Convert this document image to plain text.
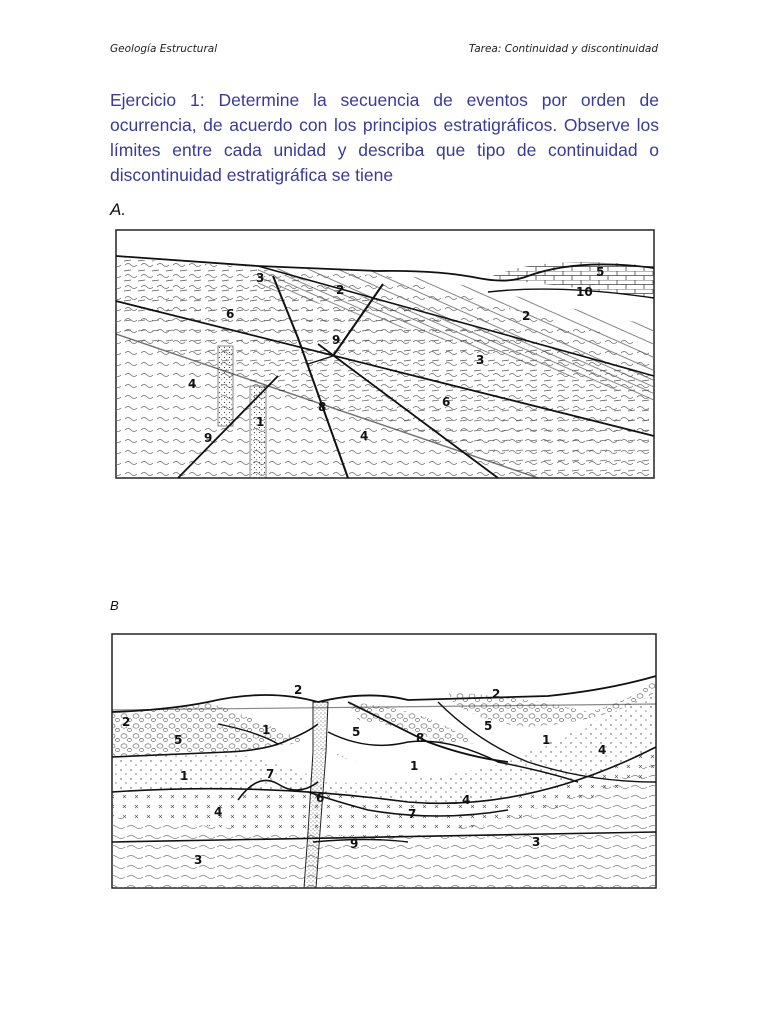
Geología Estructural	Tarea: Continuidad y discontinuidad

Ejercicio 1: Determine la secuencia de eventos por orden de ocurrencia, de acuerdo con los principios estratigráficos. Observe los límites entre cada unidad y describa que tipo de continuidad o discontinuidad estratigráfica se tiene

A.
3
2
5
10
6	2
9
3
4
6
8
1
9	4
B
2	2
2
5
1	5	5
8	1
4
1	7
1
4
6
4	7
9	3
3
